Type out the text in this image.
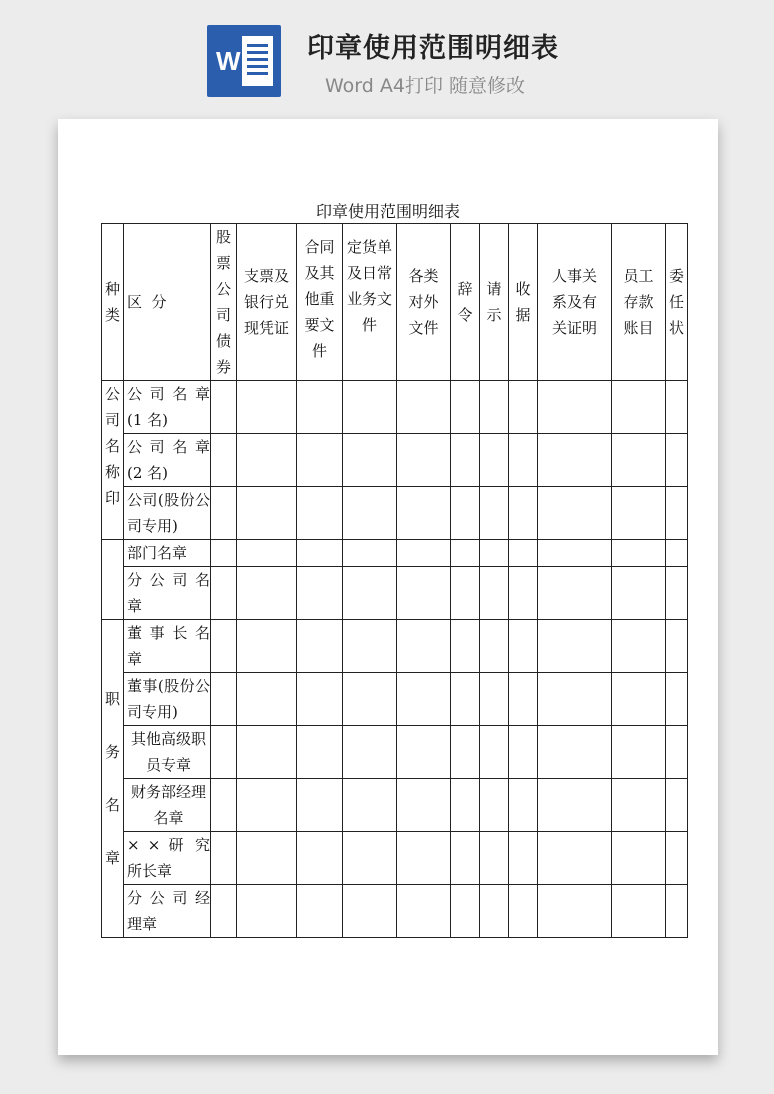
W 印章使用范围明细表
Word A4打印 随意修改
印章使用范围明细表
种类	区  分	股票公司债券	支票及银行兑现凭证	合同及其他重要文件	定货单及日常业务文件	各类对外文件	辞令	请示	收据	人事关系及有关证明	员工存款账目	委任状
公司名称印	公 司 名 章 (1 名)											
	公 司 名 章 (2 名)											
	公司(股份公司专用)											
	部门名章											
	分 公 司 名 章											
职务名章	董 事 长 名 章											
	董事(股份公司专用)											
	其他高级职员专章											
	财务部经理名章											
	× × 研 究 所长章											
	分 公 司 经 理章											
